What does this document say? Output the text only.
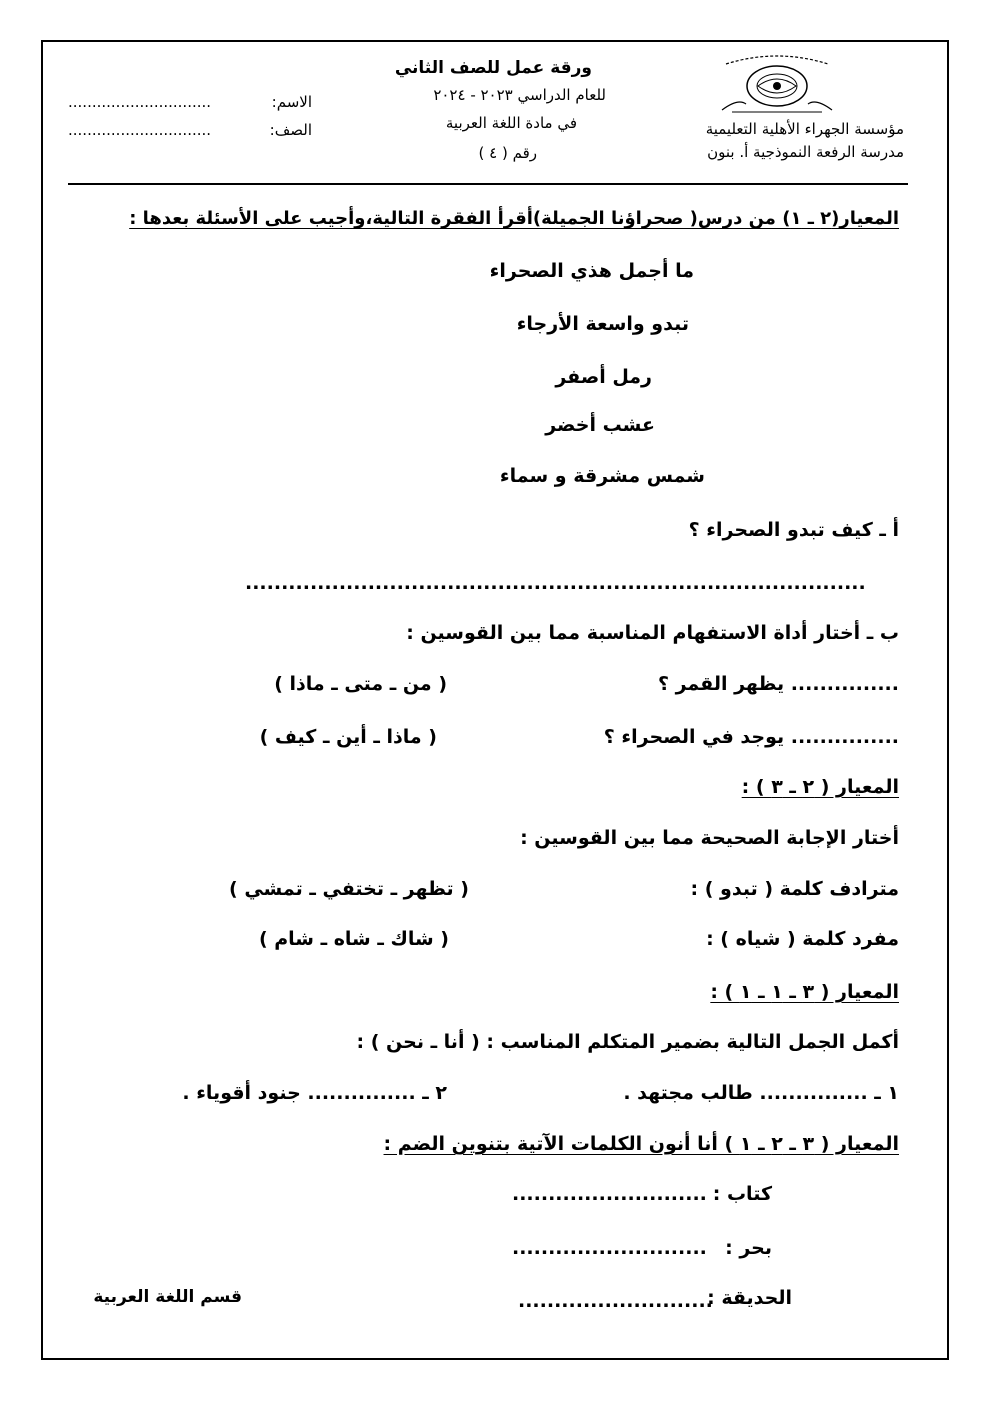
مؤسسة الجهراء الأهلية التعليمية
مدرسة الرفعة النموذجية أ. بنون
ورقة عمل للصف الثاني
للعام الدراسي ٢٠٢٣ - ٢٠٢٤
في مادة اللغة العربية
رقم ( ٤ )
الاسم:
..............................
الصف:
..............................
المعيار(٢ ـ ١) من درس( صحراؤنا الجميلة)أقرأ الفقرة التالية،وأجيب على الأسئلة بعدها :
ما أجمل هذي الصحراء
تبدو واسعة الأرجاء
رمل أصفر
عشب أخضر
شمس مشرقة و سماء
أ ـ كيف تبدو الصحراء ؟
......................................................................................
ب ـ أختار أداة الاستفهام المناسبة مما بين القوسين :
............... يظهر القمر ؟
( من ـ متى ـ ماذا )
............... يوجد في الصحراء ؟
( ماذا ـ أين ـ كيف )
المعيار ( ٢ ـ ٣ ) :
أختار الإجابة الصحيحة مما بين القوسين :
مترادف كلمة ( تبدو ) :
( تظهر ـ تختفي ـ تمشي )
مفرد كلمة ( شياه ) :
( شاك ـ شاه ـ شام )
المعيار ( ٣ ـ ١ ـ ١ ) :
أكمل الجمل التالية بضمير المتكلم المناسب : ( أنا ـ نحن ) :
١ ـ ............... طالب مجتهد .
٢ ـ ............... جنود أقوياء .
المعيار ( ٣ ـ ٢ ـ ١ ) أنا أنون الكلمات الآتية بتنوين الضم :
كتاب :
...........................
بحر :
...........................
الحديقة :
...........................
قسم اللغة العربية
